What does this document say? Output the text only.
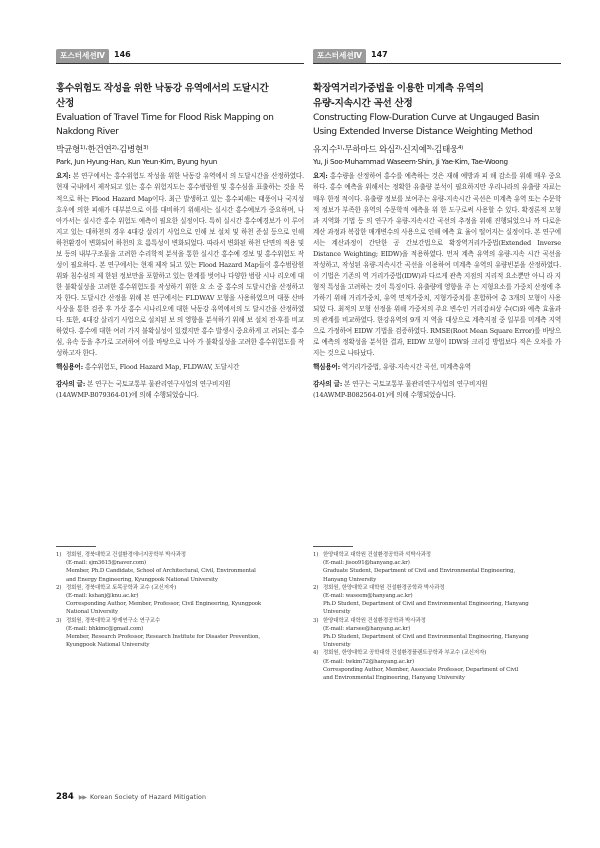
포스터세션Ⅳ	146
홍수위험도 작성을 위한 낙동강 유역에서의 도달시간
산정
Evaluation of Travel Time for Flood Risk Mapping on
Nakdong River
박균형$^{1)}$·한건연$^{2)}$·김병현$^{3)}$
Park, Jun Hyung·Han, Kun Yeun·Kim, Byung hyun
요지: 본 연구에서는 홍수위험도 작성을 위한 낙동강 유역에서 의 도달시간을 산정하였다. 현재 국내에서 제작되고 있는 홍수 위험지도는 홍수범람원 및 홍수심을 표출하는 것을 목적으로 하는 Flood Hazard Map이다. 최근 발생하고 있는 홍수피해는 태풍이나 국지성 호우에 의한 피해가 대부분으로 이를 대비하기 위해서는 실시간 홍수예보가 중요하며, 나아가서는 실시간 홍수 위험도 예측이 필요한 실정이다. 특히 실시간 홍수예경보가 이 루어지고 있는 대하천의 경우 4대강 살리기 사업으로 인해 보 설치 및 하천 준설 등으로 인해 하천환경이 변화되어 하천의 흐 름특성이 변화되었다. 따라서 변화된 하천 단면의 적용 및 보 등의 내부구조물을 고려한 수리학적 분석을 통한 실시간 홍수예 경보 및 홍수위험도 작성이 필요하다. 본 연구에서는 현재 제작 되고 있는 Flood Hazard Map들이 홍수범람원위와 침수심의 제 한된 정보만을 포함하고 있는 한계를 벗어나 다양한 범람 시나 리오에 대한 불확실성을 고려한 홍수위험도를 작성하기 위한 요 소 중 홍수의 도달시간을 산정하고자 한다. 도달시간 산정을 위해 본 연구에서는 FLDWAV 모형을 사용하였으며 대풍 산바 사상을 통한 검증 후 가상 홍수 시나리오에 대한 낙동강 유역에서의 도 달시간을 산정하였다. 또한, 4대강 살리기 사업으로 설치된 보 의 영향을 분석하기 위해 보 설치 전·후를 비교하였다. 홍수에 대한 여러 가지 불확실성이 있겠지만 홍수 발생시 중요하게 고 려되는 홍수심, 유속 등을 추가로 고려하여 이를 바탕으로 나아 가 불확실성을 고려한 홍수위험도를 작성하고자 한다.
핵심용어: 홍수위험도, Flood Hazard Map, FLDWAV, 도달시간
감사의 글: 본 연구는 국토교통부 물관리연구사업의 연구비지원
(14AWMP-B079364-01)에 의해 수행되었습니다.
1) 정회원, 경북대학교 건설환경에너지공학부 박사과정
(E-mail: sjm3615@naver.com)
Member, Ph.D Candidate, School of Architectural, Civil, Environmental
and Energy Engineering, Kyungpook National University
2) 정회원, 경북대학교 토목공학과 교수 (교신저자)
(E-mail: kshanj@knu.ac.kr)
Corresponding Author, Member, Professor, Civil Engineering, Kyungpook
National University
3) 정회원, 경북대학교 방재연구소 연구교수
(E-mail: bhkimc@gmail.com)
Member, Research Professor, Research Institute for Disaster Prevention,
Kyungpook National University
포스터세션Ⅳ	147
확장역거리가중법을 이용한 미계측 유역의
유량-지속시간 곡선 산정
Constructing Flow-Duration Curve at Ungauged Basin
Using Extended Inverse Distance Weighting Method
유지수$^{1)}$·무하마드 와심$^{2)}$·신지예$^{3)}$·김태웅$^{4)}$
Yu, Ji Soo·Muhammad Waseem·Shin, Ji Yae·Kim, Tae-Woong
요지: 홍수량을 산정하여 홍수를 예측하는 것은 재해 예방과 피 해 감소를 위해 매우 중요하다. 홍수 예측을 위해서는 정확한 유출량 분석이 필요하지만 우리나라의 유출량 자료는 매우 한정 적이다. 유출량 정보를 보여주는 유량-지속시간 곡선은 미계측 유역 또는 수문학적 정보가 부족한 유역의 수문학적 예측을 위 한 도구로써 사용할 수 있다. 확정론적 모형과 지역화 기법 등 의 연구가 유량-지속시간 곡선의 추정을 위해 진행되었으나 까 다로운 계산 과정과 복잡한 매개변수의 사용으로 인해 예측 효 율이 떨어지는 실정이다. 본 연구에서는 계산과정이 간단한 공 간보간법으로 확장역거리가중법(Extended Inverse Distance Weighting; EIDW)을 적용하였다. 먼저 계측 유역의 유량-지속 시간 곡선을 작성하고, 작성된 유량-지속시간 곡선을 이용하여 미계측 유역의 유량빈분을 산정하였다. 이 기법은 기존의 역 거리가중법(IDW)과 다르게 관측 지점의 지리적 요소뿐만 아니 라 지형적 특성을 고려하는 것이 특징이다. 유출량에 영향을 주 는 지형요소를 가중치 산정에 추가하기 위해 거리가중치, 유역 면적가중치, 지형가중치를 혼합하여 총 3개의 모형이 사용되었 다. 최적의 모형 선정을 위해 가중치의 주요 변수인 거리감쇠상 수(C)와 예측 효율과의 관계를 비교하였다. 한강유역의 9개 지 역을 대상으로 계측지점 중 일부를 미계측 지역으로 가정하여 EIDW 기법을 검증하였다. RMSE(Root Mean Square Error)를 바탕으로 예측의 정확성을 분석한 결과, EIDW 모형이 IDW와 크리깅 방법보다 적은 오차를 가지는 것으로 나타났다.
핵심용어: 역거리가중법, 유량-지속시간 곡선, 미계측유역
감사의 글: 본 연구는 국토교통부 물관리연구사업의 연구비지원
(14AWMP-B082564-01)에 의해 수행되었습니다.
1) 한양대학교 대학원 건설환경공학과 석박사과정
(E-mail: jisoo91@hanyang.ac.kr)
Graduate Student, Department of Civil and Environmental Engineering,
Hanyang University
2) 정회원, 한양대학교 대학원 건설환경공학과 박사과정
(E-mail: waseem@hanyang.ac.kr)
Ph.D Student, Department of Civil and Environmental Engineering, Hanyang
University
3) 한양대학교 대학원 건설환경공학과 박사과정
(E-mail: starsee@hanyang.ac.kr)
Ph.D Student, Department of Civil and Environmental Engineering, Hanyang
University
4) 정회원, 한양대학교 공학대학 건설환경플랜트공학과 부교수 (교신저자)
(E-mail: twkim72@hanyang.ac.kr)
Corresponding Author, Member, Associate Professor, Department of Civil
and Environmental Engineering, Hanyang University
284 ▶▶ Korean Society of Hazard Mitigation
